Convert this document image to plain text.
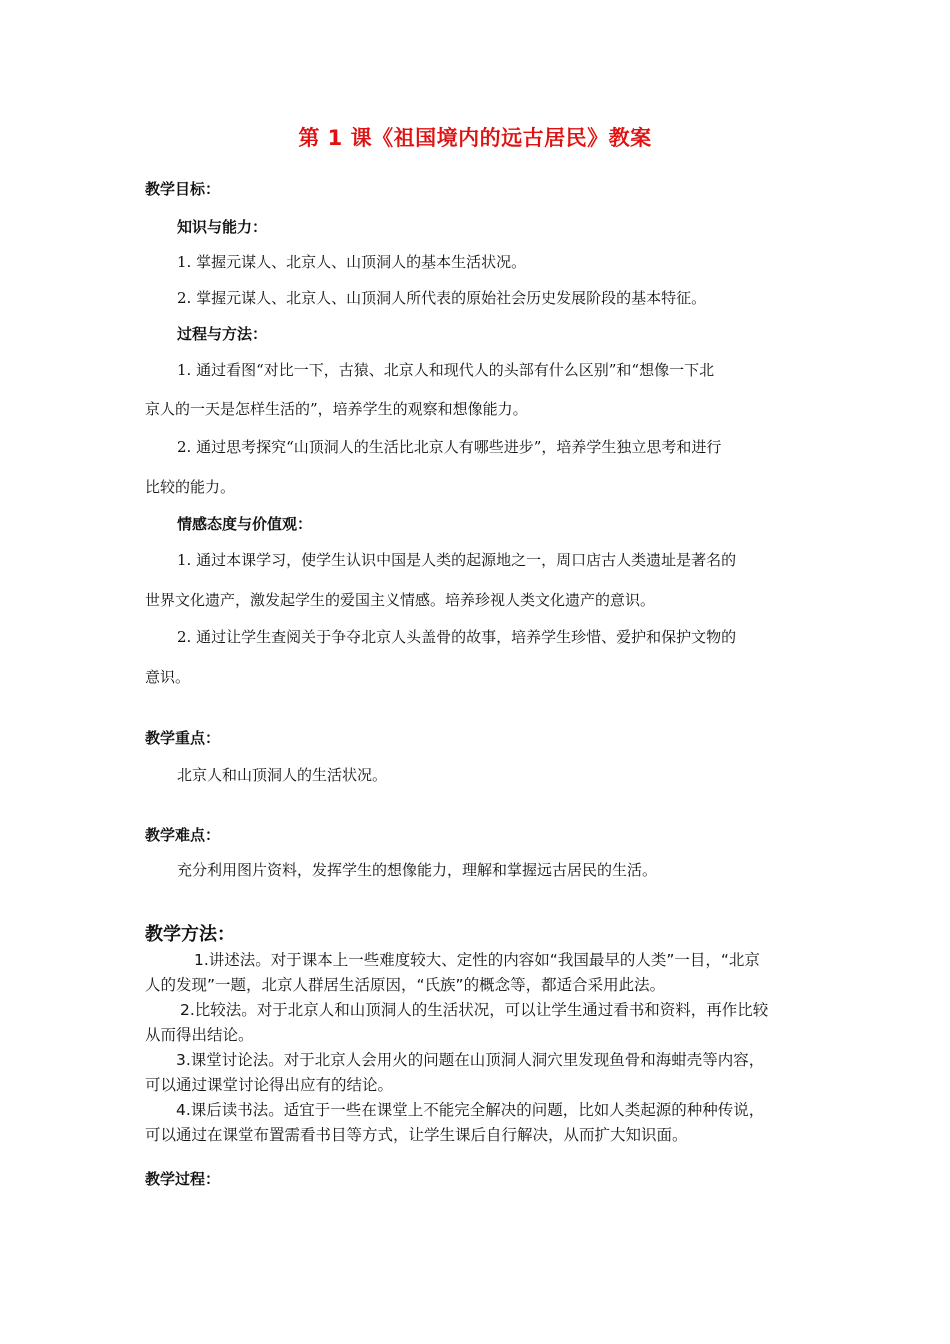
第 1 课《祖国境内的远古居民》教案
教学目标：
知识与能力：
1. 掌握元谋人、北京人、山顶洞人的基本生活状况。
2. 掌握元谋人、北京人、山顶洞人所代表的原始社会历史发展阶段的基本特征。
过程与方法：
1. 通过看图“对比一下，古猿、北京人和现代人的头部有什么区别”和“想像一下北
京人的一天是怎样生活的”，培养学生的观察和想像能力。
2. 通过思考探究“山顶洞人的生活比北京人有哪些进步”，培养学生独立思考和进行
比较的能力。
情感态度与价值观：
1. 通过本课学习，使学生认识中国是人类的起源地之一，周口店古人类遗址是著名的
世界文化遗产，激发起学生的爱国主义情感。培养珍视人类文化遗产的意识。
2. 通过让学生查阅关于争夺北京人头盖骨的故事，培养学生珍惜、爱护和保护文物的
意识。
教学重点：
北京人和山顶洞人的生活状况。
教学难点：
充分利用图片资料，发挥学生的想像能力，理解和掌握远古居民的生活。
教学方法：
1.讲述法。对于课本上一些难度较大、定性的内容如“我国最早的人类”一目，“北京
人的发现”一题，北京人群居生活原因，“氏族”的概念等，都适合采用此法。
2.比较法。对于北京人和山顶洞人的生活状况，可以让学生通过看书和资料，再作比较
从而得出结论。
3.课堂讨论法。对于北京人会用火的问题在山顶洞人洞穴里发现鱼骨和海蚶壳等内容，
可以通过课堂讨论得出应有的结论。
4.课后读书法。适宜于一些在课堂上不能完全解决的问题，比如人类起源的种种传说，
可以通过在课堂布置需看书目等方式，让学生课后自行解决，从而扩大知识面。
教学过程：
